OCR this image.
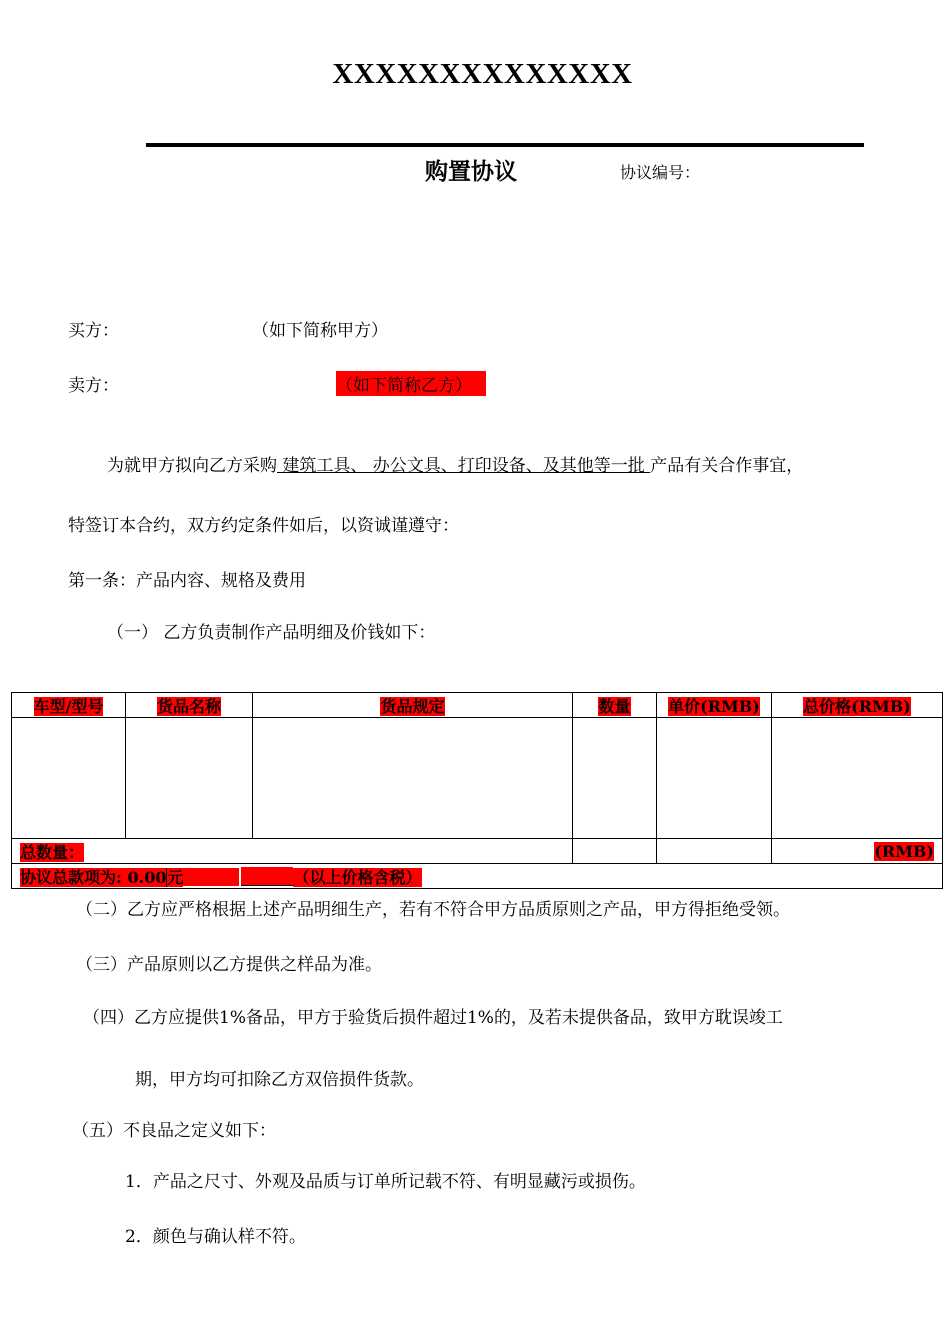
XXXXXXXXXXXXXX
购置协议	协议编号：
买方：	（如下简称甲方）
卖方：	（如下简称乙方）
为就甲方拟向乙方采购 建筑工具、 办公文具、打印设备、及其他等一批 产品有关合作事宜，
特签订本合约，双方约定条件如后，以资诚谨遵守：
第一条：产品内容、规格及费用
（一） 乙方负责制作产品明细及价钱如下：
车型/型号	货品名称	货品规定	数量	单价(RMB)	总价格(RMB)

总数量：					(RMB)
协议总款项为: 0.00元 （以上价格含税）					
（二）乙方应严格根据上述产品明细生产，若有不符合甲方品质原则之产品，甲方得拒绝受领。
（三）产品原则以乙方提供之样品为准。
（四）乙方应提供1%备品，甲方于验货后损件超过1%的，及若未提供备品，致甲方耽误竣工
期，甲方均可扣除乙方双倍损件货款。
（五）不良品之定义如下：
1．产品之尺寸、外观及品质与订单所记载不符、有明显藏污或损伤。
2．颜色与确认样不符。
